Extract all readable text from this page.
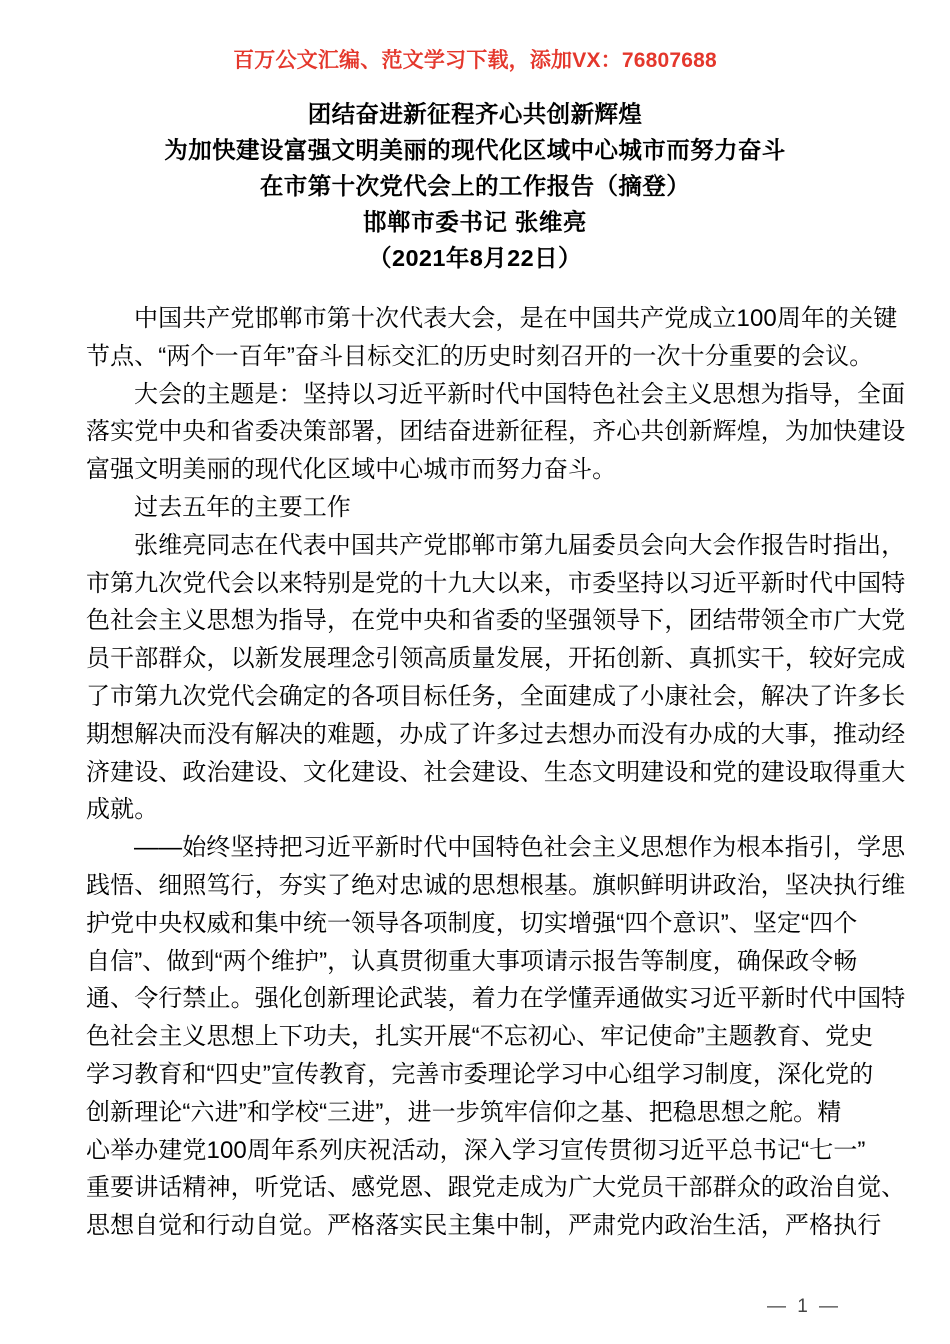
百万公文汇编、范文学习下载，添加VX：76807688
团结奋进新征程齐心共创新辉煌
为加快建设富强文明美丽的现代化区域中心城市而努力奋斗
在市第十次党代会上的工作报告（摘登）
邯郸市委书记 张维亮
（2021年8月22日）

中国共产党邯郸市第十次代表大会，是在中国共产党成立100周年的关键
节点、“两个一百年”奋斗目标交汇的历史时刻召开的一次十分重要的会议。

大会的主题是：坚持以习近平新时代中国特色社会主义思想为指导，全面
落实党中央和省委决策部署，团结奋进新征程，齐心共创新辉煌，为加快建设
富强文明美丽的现代化区域中心城市而努力奋斗。

过去五年的主要工作

张维亮同志在代表中国共产党邯郸市第九届委员会向大会作报告时指出，
市第九次党代会以来特别是党的十九大以来，市委坚持以习近平新时代中国特
色社会主义思想为指导，在党中央和省委的坚强领导下，团结带领全市广大党
员干部群众，以新发展理念引领高质量发展，开拓创新、真抓实干，较好完成
了市第九次党代会确定的各项目标任务，全面建成了小康社会，解决了许多长
期想解决而没有解决的难题，办成了许多过去想办而没有办成的大事，推动经
济建设、政治建设、文化建设、社会建设、生态文明建设和党的建设取得重大
成就。

——始终坚持把习近平新时代中国特色社会主义思想作为根本指引，学思
践悟、细照笃行，夯实了绝对忠诚的思想根基。旗帜鲜明讲政治，坚决执行维
护党中央权威和集中统一领导各项制度，切实增强“四个意识”、坚定“四个
自信”、做到“两个维护”，认真贯彻重大事项请示报告等制度，确保政令畅
通、令行禁止。强化创新理论武装，着力在学懂弄通做实习近平新时代中国特
色社会主义思想上下功夫，扎实开展“不忘初心、牢记使命”主题教育、党史
学习教育和“四史”宣传教育，完善市委理论学习中心组学习制度，深化党的
创新理论“六进”和学校“三进”，进一步筑牢信仰之基、把稳思想之舵。精
心举办建党100周年系列庆祝活动，深入学习宣传贯彻习近平总书记“七一”
重要讲话精神，听党话、感党恩、跟党走成为广大党员干部群众的政治自觉、
思想自觉和行动自觉。严格落实民主集中制，严肃党内政治生活，严格执行

— 1 —
